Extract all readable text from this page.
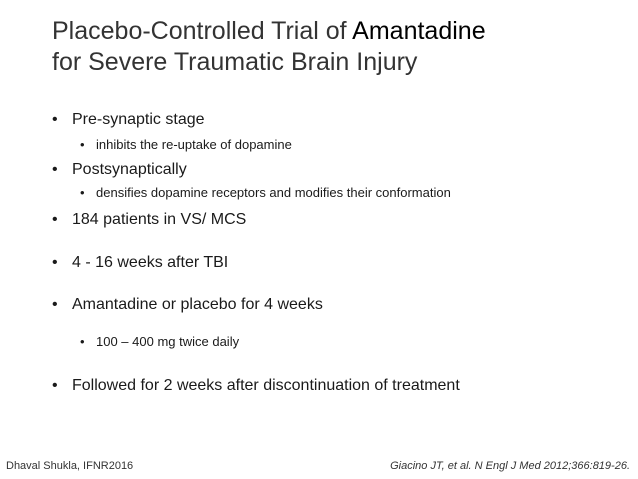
Placebo-Controlled Trial of Amantadine
for Severe Traumatic Brain Injury
• Pre-synaptic stage
• inhibits the re-uptake of dopamine
• Postsynaptically
• densifies dopamine receptors and modifies their conformation
• 184 patients in VS/ MCS
• 4 - 16 weeks after TBI
• Amantadine or placebo for 4 weeks
• 100 – 400 mg twice daily
• Followed for 2 weeks after discontinuation of treatment
Dhaval Shukla, IFNR2016	Giacino JT, et al. N Engl J Med 2012;366:819-26.
